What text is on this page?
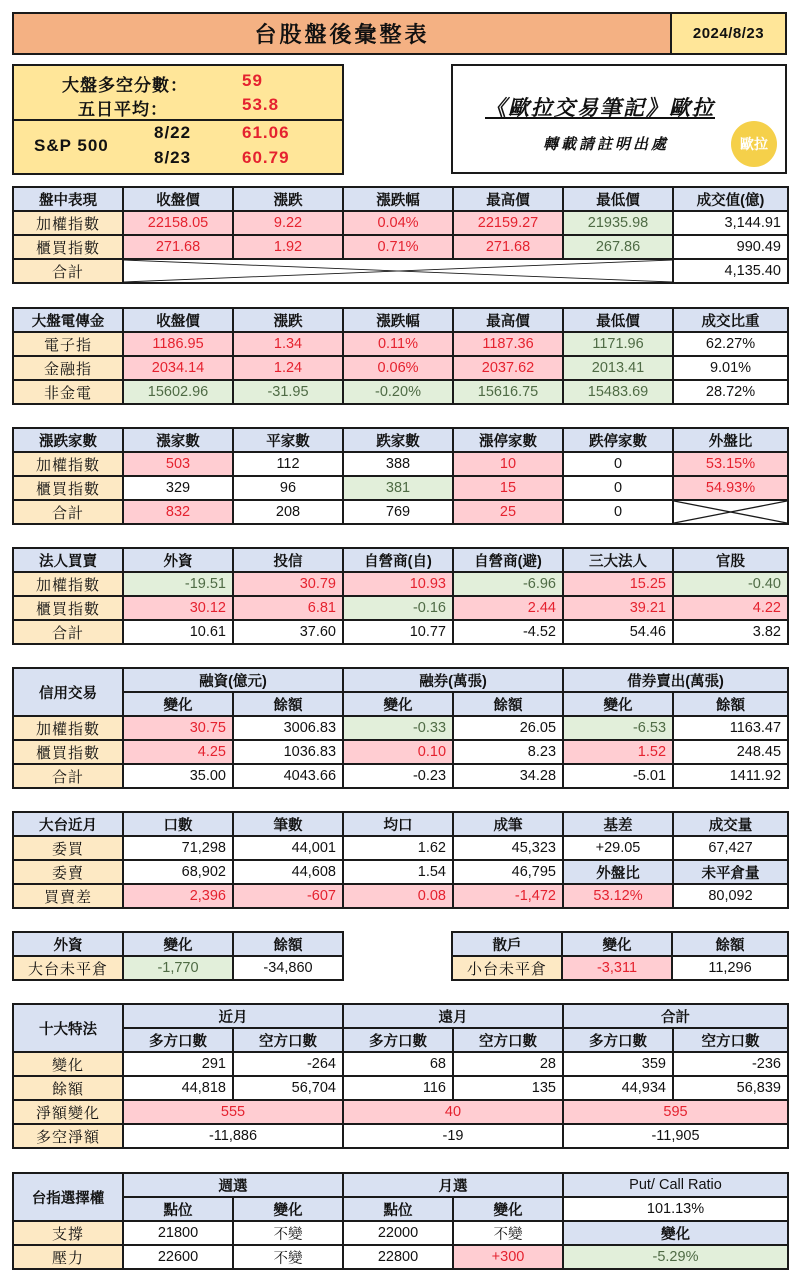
台股盤後彙整表	2024/8/23
大盤多空分數：	59
五日平均：	53.8
S&P 500
8/22	61.06
8/23	60.79
《歐拉交易筆記》歐拉
轉載請註明出處	歐拉
盤中表現	收盤價	漲跌	漲跌幅	最高價	最低價	成交值(億)
加權指數	22158.05	9.22	0.04%	22159.27	21935.98	3,144.91
櫃買指數	271.68	1.92	0.71%	271.68	267.86	990.49
合計						4,135.40
大盤電傳金	收盤價	漲跌	漲跌幅	最高價	最低價	成交比重
電子指	1186.95	1.34	0.11%	1187.36	1171.96	62.27%
金融指	2034.14	1.24	0.06%	2037.62	2013.41	9.01%
非金電	15602.96	-31.95	-0.20%	15616.75	15483.69	28.72%
漲跌家數	漲家數	平家數	跌家數	漲停家數	跌停家數	外盤比
加權指數	503	112	388	10	0	53.15%
櫃買指數	329	96	381	15	0	54.93%
合計	832	208	769	25	0	
法人買賣	外資	投信	自營商(自)	自營商(避)	三大法人	官股
加權指數	-19.51	30.79	10.93	-6.96	15.25	-0.40
櫃買指數	30.12	6.81	-0.16	2.44	39.21	4.22
合計	10.61	37.60	10.77	-4.52	54.46	3.82
信用交易	融資(億元)		融券(萬張)		借券賣出(萬張)	
	變化	餘額	變化	餘額	變化	餘額
加權指數	30.75	3006.83	-0.33	26.05	-6.53	1163.47
櫃買指數	4.25	1036.83	0.10	8.23	1.52	248.45
合計	35.00	4043.66	-0.23	34.28	-5.01	1411.92
大台近月	口數	筆數	均口	成筆	基差	成交量
委買	71,298	44,001	1.62	45,323	+29.05	67,427
委賣	68,902	44,608	1.54	46,795	外盤比	未平倉量
買賣差	2,396	-607	0.08	-1,472	53.12%	80,092
外資	變化	餘額
大台未平倉	-1,770	-34,860
散戶	變化	餘額
小台未平倉	-3,311	11,296
十大特法	近月		遠月		合計	
	多方口數	空方口數	多方口數	空方口數	多方口數	空方口數
變化	291	-264	68	28	359	-236
餘額	44,818	56,704	116	135	44,934	56,839
淨額變化	555		40		595	
多空淨額	-11,886		-19		-11,905	
台指選擇權	週選		月選		Put/ Call Ratio
	點位	變化	點位	變化	101.13%
支撐	21800	不變	22000	不變	變化
壓力	22600	不變	22800	+300	-5.29%
